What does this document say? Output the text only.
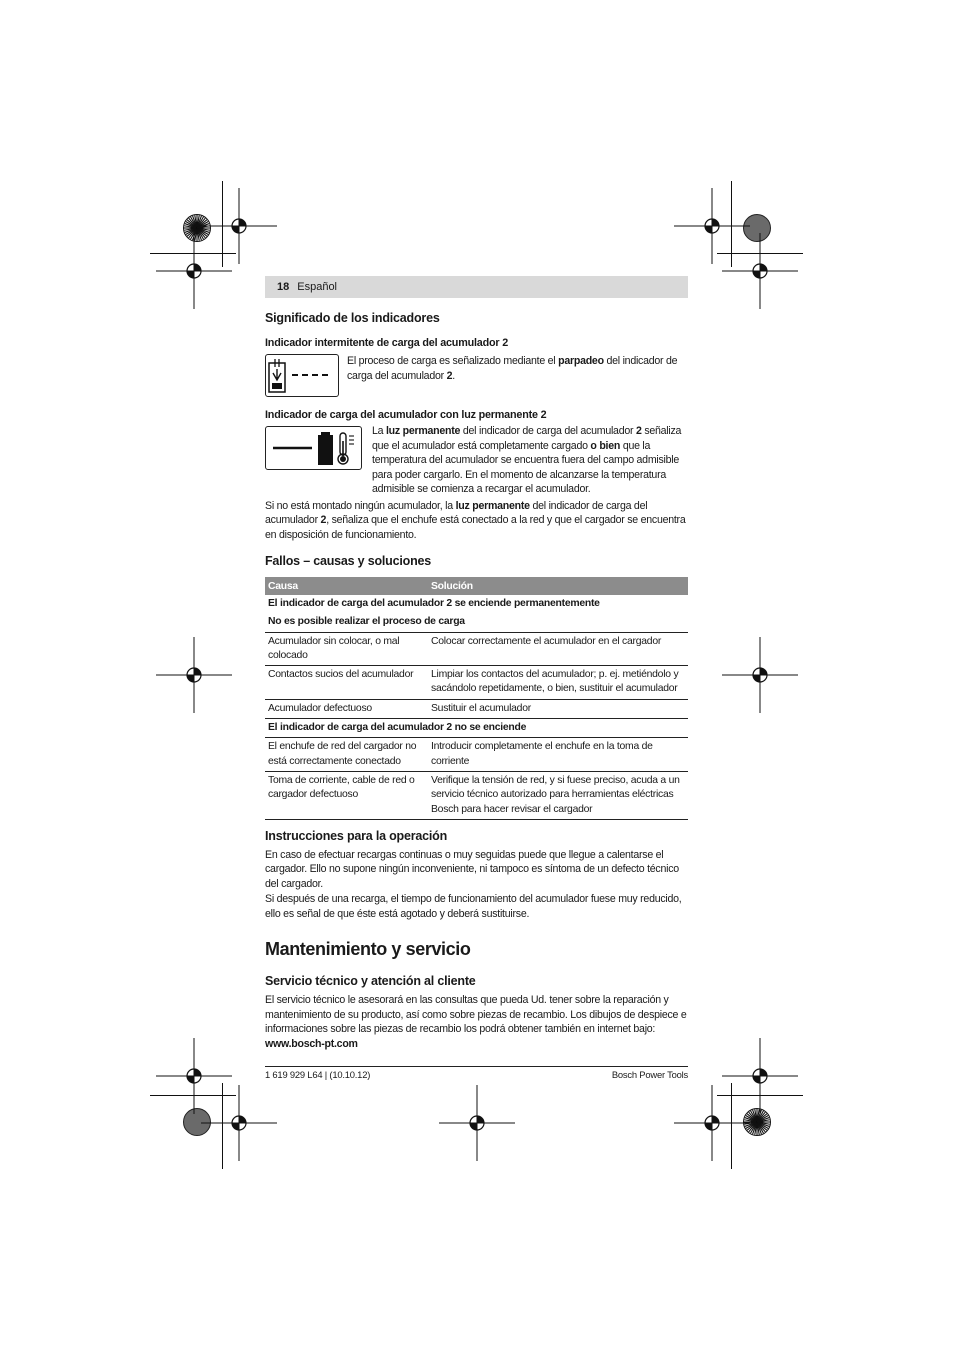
18 Español
Significado de los indicadores
Indicador intermitente de carga del acumulador 2

El proceso de carga es señalizado mediante el parpadeo del indicador de carga del acumulador 2.

Indicador de carga del acumulador con luz permanente 2

La luz permanente del indicador de carga del acumulador 2 señaliza que el acumulador está completamente cargado o bien que la temperatura del acumulador se encuentra fuera del campo admisible para poder cargarlo. En el momento de alcanzarse la temperatura admisible se comienza a recargar el acumulador.

Si no está montado ningún acumulador, la luz permanente del indicador de carga del acumulador 2, señaliza que el enchufe está conectado a la red y que el cargador se encuentra en disposición de funcionamiento.

Fallos – causas y soluciones
Causa	Solución
El indicador de carga del acumulador 2 se enciende permanentemente	
No es posible realizar el proceso de carga	
Acumulador sin colocar, o mal colocado	Colocar correctamente el acumulador en el cargador
Contactos sucios del acumulador	Limpiar los contactos del acumulador; p. ej. metiéndolo y sacándolo repetidamente, o bien, sustituir el acumulador
Acumulador defectuoso	Sustituir el acumulador
El indicador de carga del acumulador 2 no se enciende	
El enchufe de red del cargador no está correctamente conectado	Introducir completamente el enchufe en la toma de corriente
Toma de corriente, cable de red o cargador defectuoso	Verifique la tensión de red, y si fuese preciso, acuda a un servicio técnico autorizado para herramientas eléctricas Bosch para hacer revisar el cargador
Instrucciones para la operación

En caso de efectuar recargas continuas o muy seguidas puede que llegue a calentarse el cargador. Ello no supone ningún inconveniente, ni tampoco es síntoma de un defecto técnico del cargador.

Si después de una recarga, el tiempo de funcionamiento del acumulador fuese muy reducido, ello es señal de que éste está agotado y deberá sustituirse.

Mantenimiento y servicio
Servicio técnico y atención al cliente

El servicio técnico le asesorará en las consultas que pueda Ud. tener sobre la reparación y mantenimiento de su producto, así como sobre piezas de recambio. Los dibujos de despiece e informaciones sobre las piezas de recambio los podrá obtener también en internet bajo:

www.bosch-pt.com

1 619 929 L64 | (10.10.12)	Bosch Power Tools
